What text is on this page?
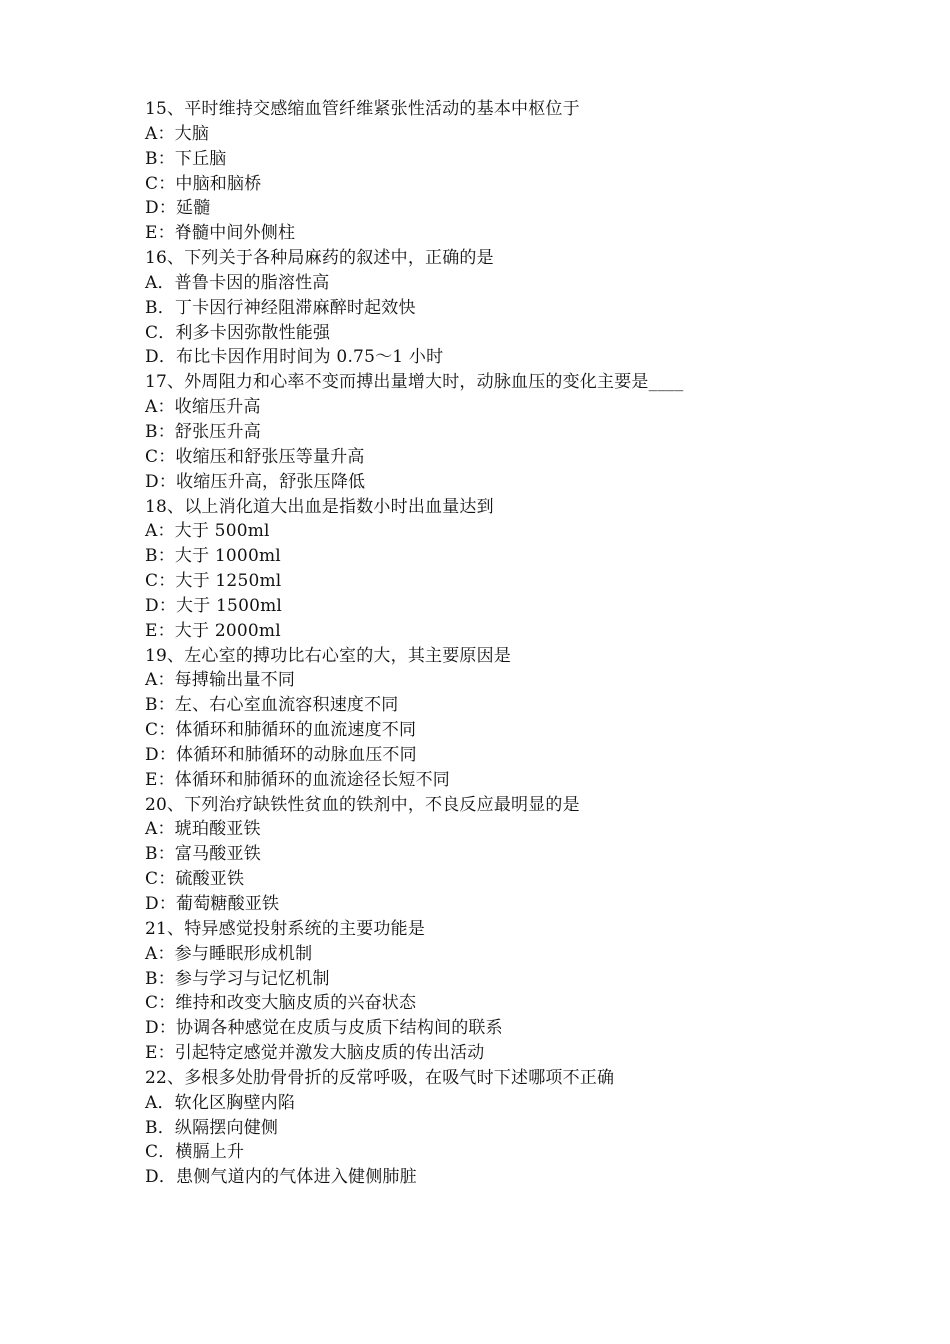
15、平时维持交感缩血管纤维紧张性活动的基本中枢位于
A：大脑
B：下丘脑
C：中脑和脑桥
D：延髓
E：脊髓中间外侧柱
16、下列关于各种局麻药的叙述中，正确的是
A．普鲁卡因的脂溶性高
B．丁卡因行神经阻滞麻醉时起效快
C．利多卡因弥散性能强
D．布比卡因作用时间为 0.75～1 小时
17、外周阻力和心率不变而搏出量增大时，动脉血压的变化主要是____
A：收缩压升高
B：舒张压升高
C：收缩压和舒张压等量升高
D：收缩压升高，舒张压降低
18、以上消化道大出血是指数小时出血量达到
A：大于 500ml
B：大于 1000ml
C：大于 1250ml
D：大于 1500ml
E：大于 2000ml
19、左心室的搏功比右心室的大，其主要原因是
A：每搏输出量不同
B：左、右心室血流容积速度不同
C：体循环和肺循环的血流速度不同
D：体循环和肺循环的动脉血压不同
E：体循环和肺循环的血流途径长短不同
20、下列治疗缺铁性贫血的铁剂中，不良反应最明显的是
A：琥珀酸亚铁
B：富马酸亚铁
C：硫酸亚铁
D：葡萄糖酸亚铁
21、特异感觉投射系统的主要功能是
A：参与睡眠形成机制
B：参与学习与记忆机制
C：维持和改变大脑皮质的兴奋状态
D：协调各种感觉在皮质与皮质下结构间的联系
E：引起特定感觉并激发大脑皮质的传出活动
22、多根多处肋骨骨折的反常呼吸，在吸气时下述哪项不正确
A．软化区胸壁内陷
B．纵隔摆向健侧
C．横膈上升
D．患侧气道内的气体进入健侧肺脏
